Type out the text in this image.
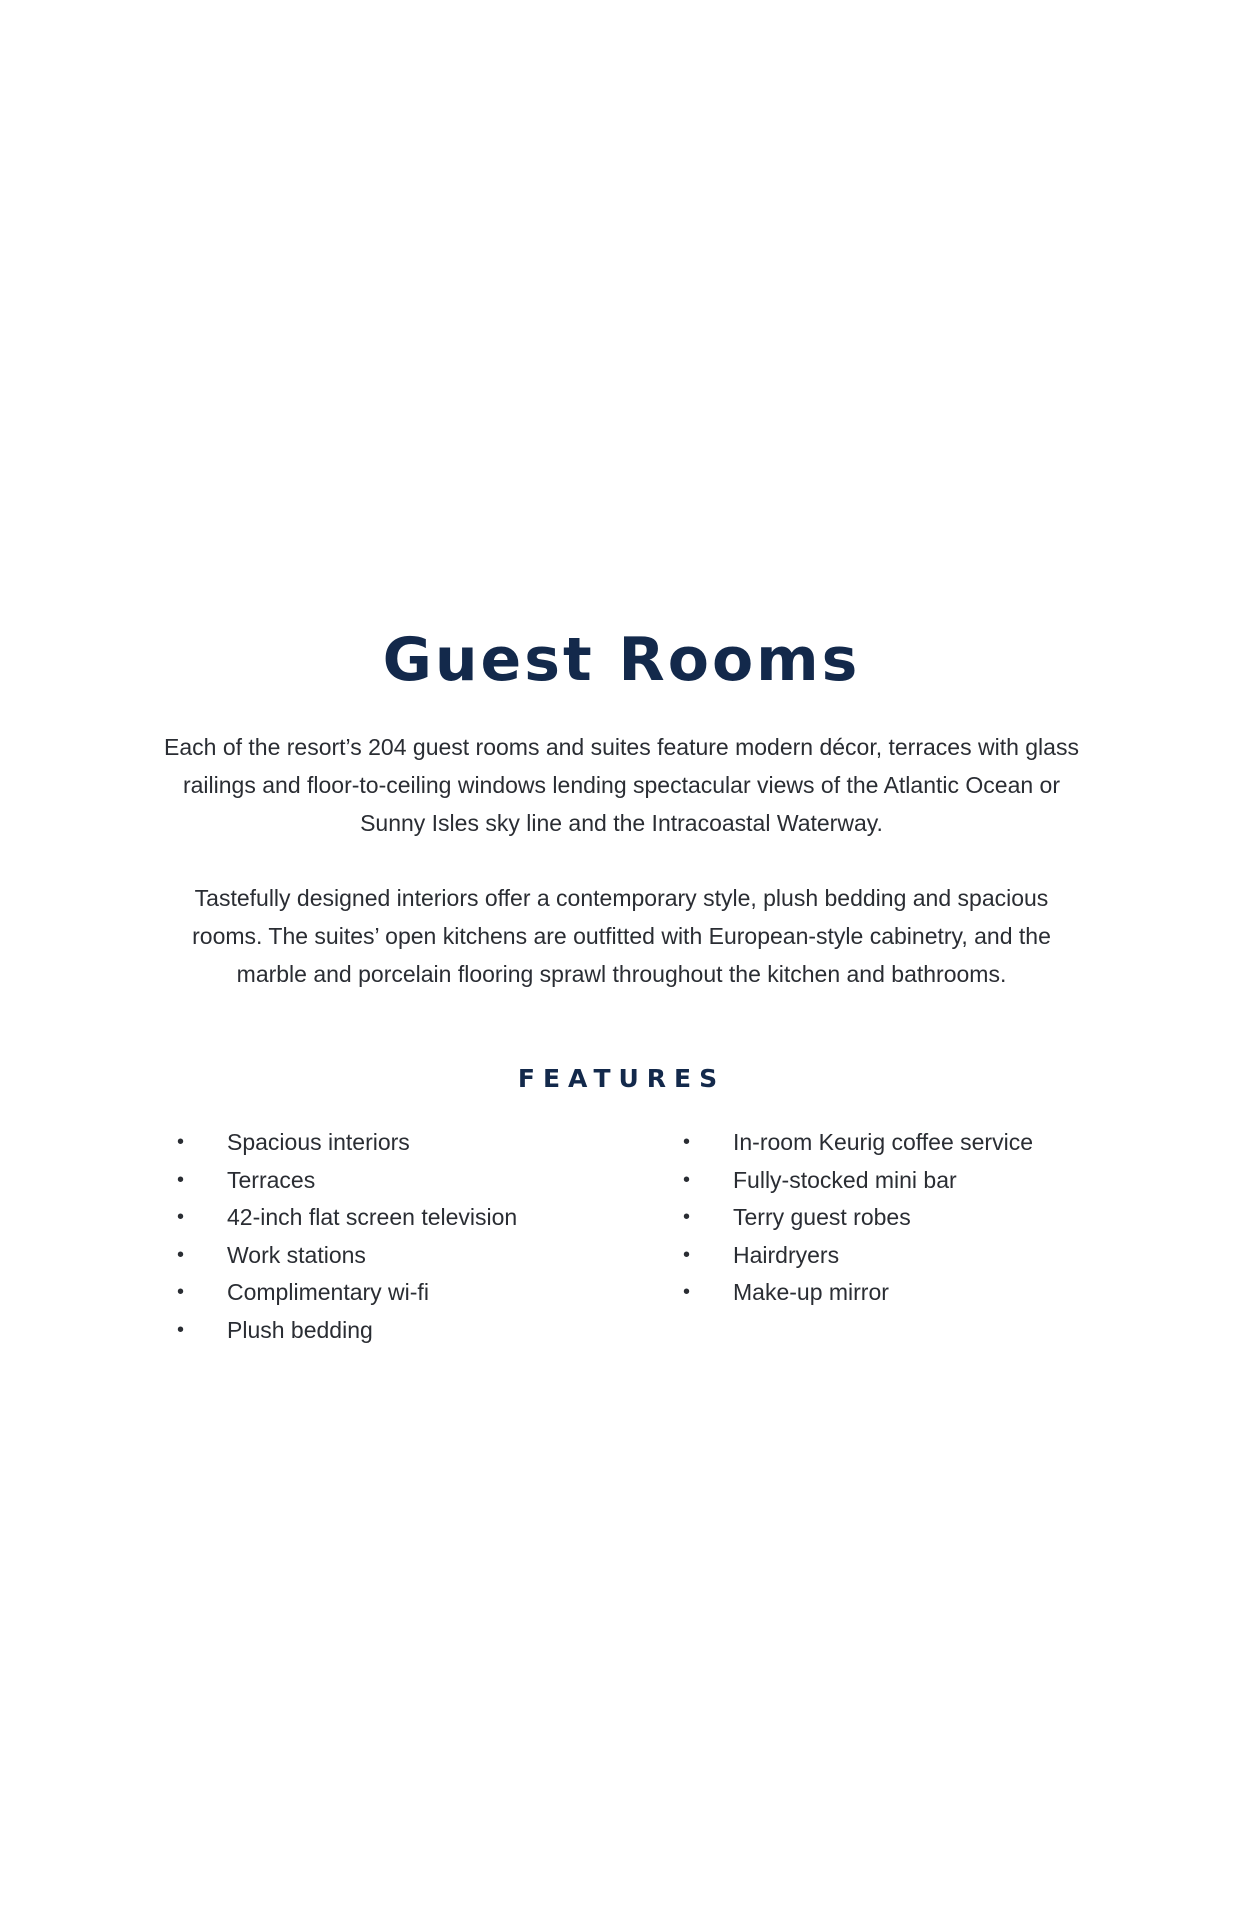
Guest Rooms

Each of the resort’s 204 guest rooms and suites feature modern décor, terraces with glass railings and floor-to-ceiling windows lending spectacular views of the Atlantic Ocean or Sunny Isles sky line and the Intracoastal Waterway.

Tastefully designed interiors offer a contemporary style, plush bedding and spacious rooms. The suites’ open kitchens are outfitted with European-style cabinetry, and the marble and porcelain flooring sprawl throughout the kitchen and bathrooms.

FEATURES
• Spacious interiors
• Terraces
• 42-inch flat screen television
• Work stations
• Complimentary wi-fi
• Plush bedding
• In-room Keurig coffee service
• Fully-stocked mini bar
• Terry guest robes
• Hairdryers
• Make-up mirror
